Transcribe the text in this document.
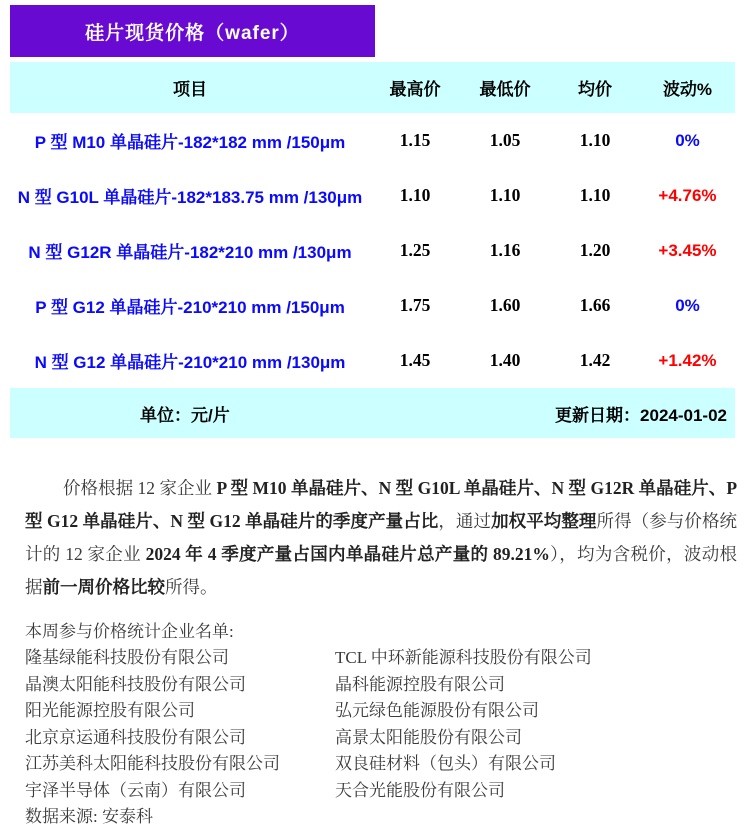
硅片现货价格（wafer）
项目	最高价	最低价	均价	波动%
P 型 M10 单晶硅片-182*182 mm /150μm	1.15	1.05	1.10	0%
N 型 G10L 单晶硅片-182*183.75 mm /130μm	1.10	1.10	1.10	+4.76%
N 型 G12R 单晶硅片-182*210 mm /130μm	1.25	1.16	1.20	+3.45%
P 型 G12 单晶硅片-210*210 mm /150μm	1.75	1.60	1.66	0%
N 型 G12 单晶硅片-210*210 mm /130μm	1.45	1.40	1.42	+1.42%
单位：元/片	更新日期：2024-01-02

价格根据 12 家企业 P 型 M10 单晶硅片、N 型 G10L 单晶硅片、N 型 G12R 单晶硅片、P 型 G12 单晶硅片、N 型 G12 单晶硅片的季度产量占比，通过加权平均整理所得（参与价格统计的 12 家企业 2024 年 4 季度产量占国内单晶硅片总产量的 89.21%），均为含税价，波动根据前一周价格比较所得。

本周参与价格统计企业名单:
隆基绿能科技股份有限公司
晶澳太阳能科技股份有限公司
阳光能源控股有限公司
北京京运通科技股份有限公司
江苏美科太阳能科技股份有限公司
宇泽半导体（云南）有限公司
TCL 中环新能源科技股份有限公司
晶科能源控股有限公司
弘元绿色能源股份有限公司
高景太阳能股份有限公司
双良硅材料（包头）有限公司
天合光能股份有限公司
数据来源: 安泰科
